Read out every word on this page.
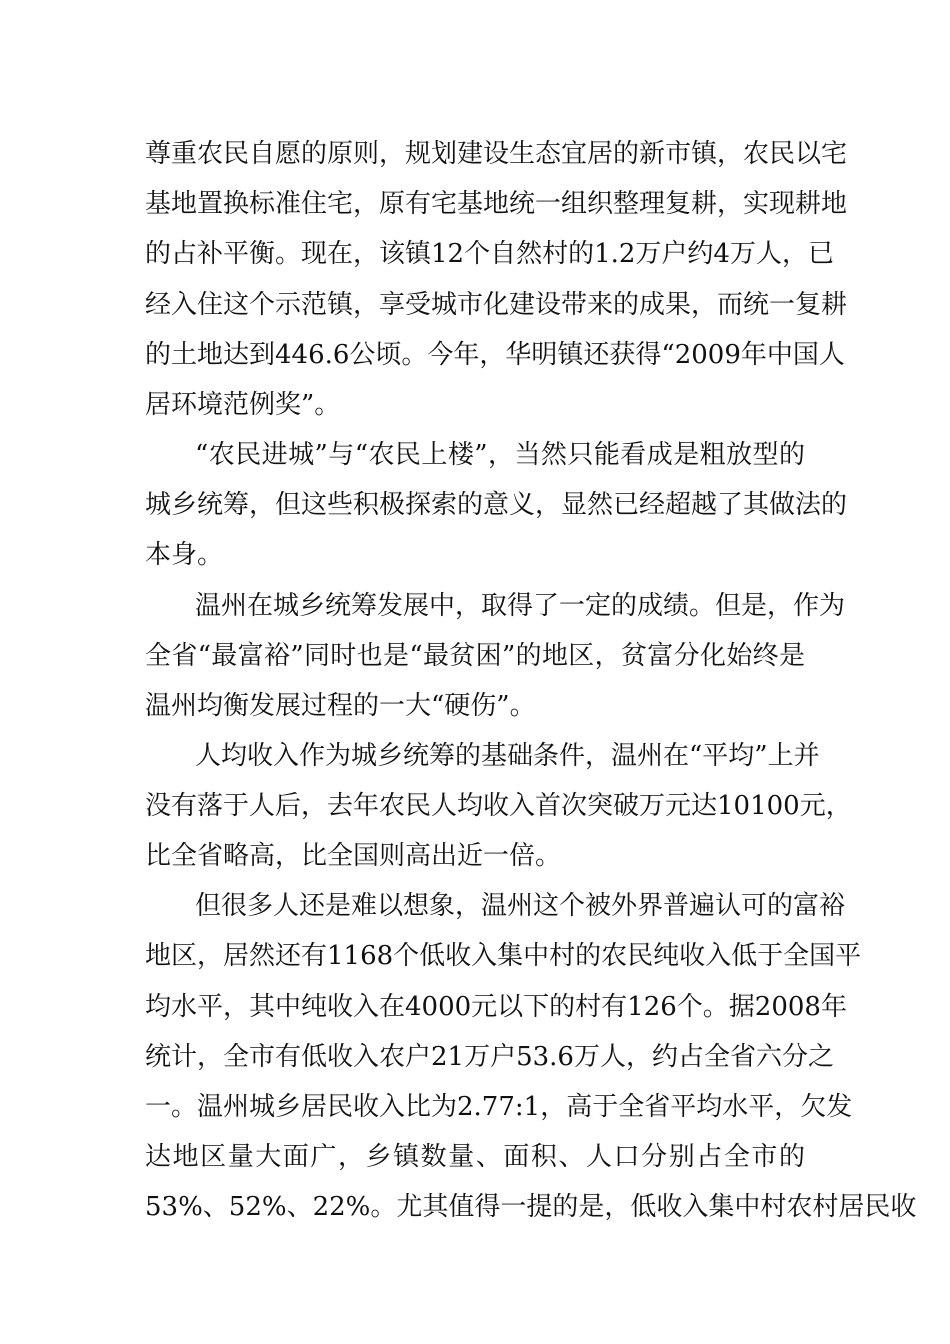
尊重农民自愿的原则，规划建设生态宜居的新市镇，农民以宅
基地置换标准住宅，原有宅基地统一组织整理复耕，实现耕地
的占补平衡。现在，该镇12个自然村的1.2万户约4万人，已
经入住这个示范镇，享受城市化建设带来的成果，而统一复耕
的土地达到446.6公顷。今年，华明镇还获得“2009年中国人
居环境范例奖”。
“农民进城”与“农民上楼”，当然只能看成是粗放型的
城乡统筹，但这些积极探索的意义，显然已经超越了其做法的
本身。
温州在城乡统筹发展中，取得了一定的成绩。但是，作为
全省“最富裕”同时也是“最贫困”的地区，贫富分化始终是
温州均衡发展过程的一大“硬伤”。
人均收入作为城乡统筹的基础条件，温州在“平均”上并
没有落于人后，去年农民人均收入首次突破万元达10100元，
比全省略高，比全国则高出近一倍。
但很多人还是难以想象，温州这个被外界普遍认可的富裕
地区，居然还有1168个低收入集中村的农民纯收入低于全国平
均水平，其中纯收入在4000元以下的村有126个。据2008年
统计，全市有低收入农户21万户53.6万人，约占全省六分之
一。温州城乡居民收入比为2.77:1，高于全省平均水平，欠发
达地区量大面广，乡镇数量、面积、人口分别占全市的
53%、52%、22%。尤其值得一提的是，低收入集中村农村居民收
